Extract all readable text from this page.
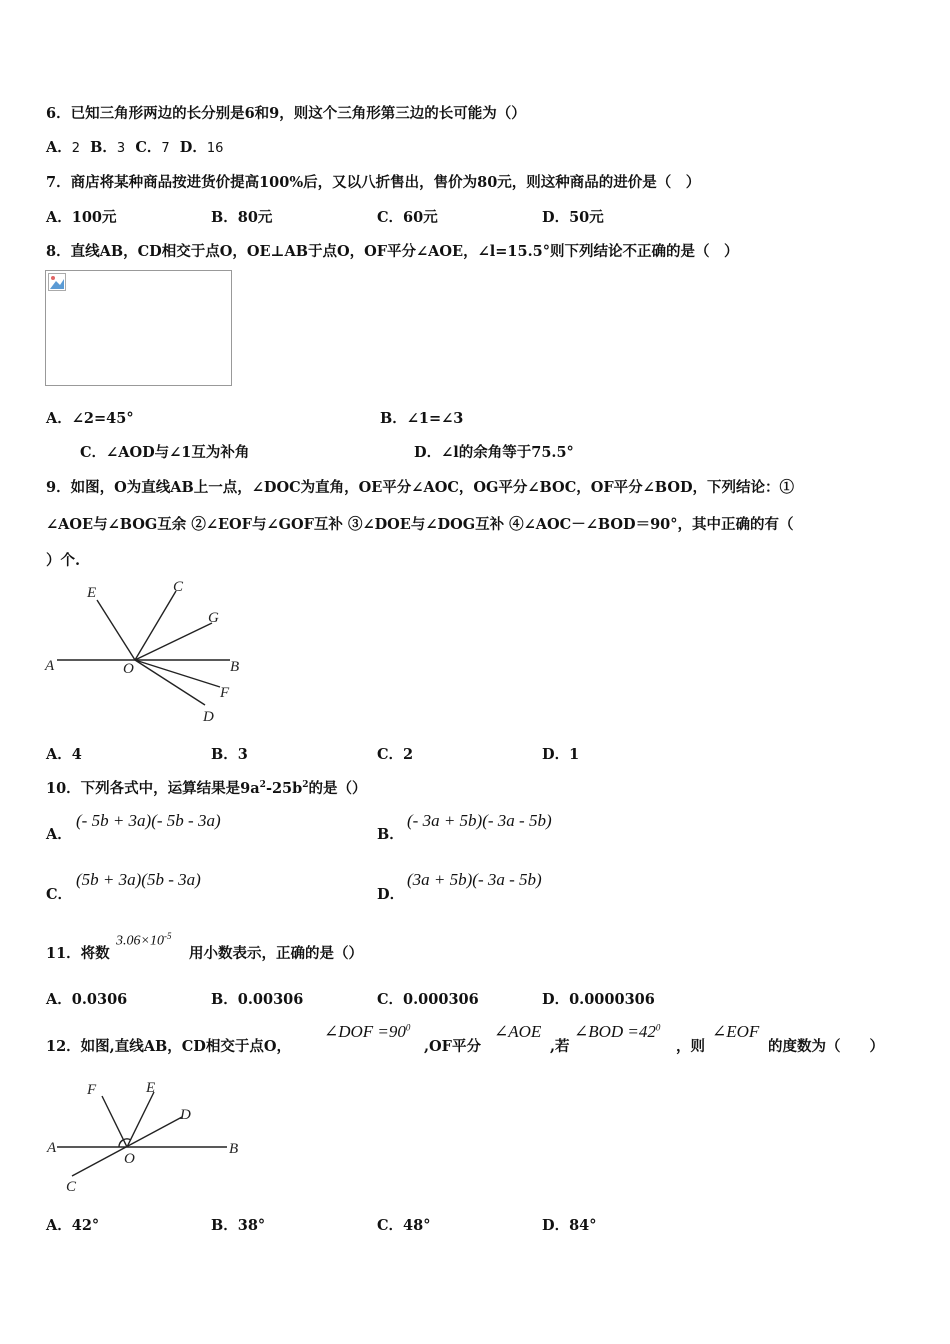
6．已知三角形两边的长分别是6和9，则这个三角形第三边的长可能为（）
A．2 B．3 C．7 D．16
7．商店将某种商品按进货价提高100%后，又以八折售出，售价为80元，则这种商品的进价是（　）
A．100元	B．80元	C．60元	D．50元
8．直线AB，CD相交于点O，OE⊥AB于点O，OF平分∠AOE，∠l=15.5°则下列结论不正确的是（　）
A．∠2=45°	B．∠1=∠3
C．∠AOD与∠1互为补角	D．∠l的余角等于75.5°
9．如图，O为直线AB上一点，∠DOC为直角，OE平分∠AOC，OG平分∠BOC，OF平分∠BOD，下列结论：①
∠AOE与∠BOG互余 ②∠EOF与∠GOF互补 ③∠DOE与∠DOG互补 ④∠AOC－∠BOD＝90°，其中正确的有（
）个.
A	B
C
D
E
F
G
O
A．4	B．3	C．2	D．1
10．下列各式中，运算结果是$9a^2-25b^2$的是（）
A．
(- 5b + 3a)(- 5b - 3a)
B．
(- 3a + 5b)(- 3a - 5b)
C．
(5b + 3a)(5b - 3a)
D．
(3a + 5b)(- 3a - 5b)
11．将数
$3.06\times 10^{-5}$
用小数表示，正确的是（）
A．0.0306	B．0.00306	C．0.000306	D．0.0000306
12．如图,直线AB，CD相交于点O，
∠DOF $=90^0$
,OF平分
∠AOE
,若
∠BOD $=42^0$
，则
∠EOF
的度数为（　　）
A	B
C
D
E
F
O
A．42°	B．38°	C．48°	D．84°
